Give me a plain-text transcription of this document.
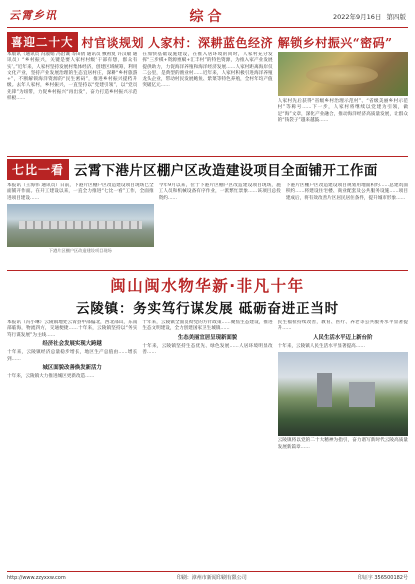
云霄乡讯	综合	2022年9月16日 第四版
喜迎二十大 村官谈规划 人家村：深耕蓝色经济 解锁乡村振兴“密码”
本版讯（通讯员 冯淑娟 冯沿诚 等田倩 通讯员 敷祖复 许汉敏 通讯员）“乡村振兴，关键是要人家村村级‘干部有想，群众有实’。”近年来，人家村坚持发展村集体经济，创建区域统筹，利用文化产业，坚持产业发展治理的生态宜居村庄，深耕“乡村旅游+”，不断解锁海洋资源的“民生密码”，推进乡村振兴提档升级。去年人家村，乡村振兴，一直坚持以“党建引领”，以“党员先锋”为纽带，力促乡村振兴“再出发”，奋力打造乡村振兴示范样板……
在加快基础设施建设，在推入居环境的同时，人家村充分发挥“三步棋+资源禀赋+汇丰村”的特色资源，为推入家产业发展提供助力，力促海洋养殖和海洋经济发展……人家村距离海岸仅二公里，是典型的渔业村……近年来，人家村积极引进海洋养殖龙头企业，带动村民发展鲍鱼、紫菜等特色养殖，全村年均产值突破亿元……
人家村先后获得“省级乡村治理示范村”、“省级美丽乡村示范村”等称号……下一步，人家村将继续以党建为引领，做足“海”文章，深化产业融合，推动海洋经济高质量发展，让群众的“钱袋子”越来越鼓……
七比一看 云霄下港片区棚户区改造建设项目全面铺开工作面
本报讯（王海伟 通讯员）日前，下港片区棚户区改造建设项目现场已全面铺开作面。在开工建设以来，一直全力推进“七比一看”工作，全面推进项目建设……
下港片区棚户区改造建设项目现场
今年9月以来，位于下港片区棚户区改造建设项目现场，施工人员和机械设备有序作业，一派繁忙景象……该项目总投资约……
下港片区棚户区改造建设项目规划用地面积约……总建筑面积约……将建设住宅楼、商业配套及公共服务设施……项目建成后，将有效改善片区居民居住条件，提升城市形象……
闽山闽水物华新·非凡十年
云陵镇：务实笃行谋发展 砥砺奋进正当时
本报讯（冯小琳）云陵镇地处云霄县中部偏北，西北部山，东南部临海，物流四方，交通便捷……十年来，云陵镇坚持以“务实笃行谋发展”为主线……
经济社会发展实现大跨越
十年来，云陵镇经济总量稳步增长，地区生产总值由……增长到……
城区面貌改善焕发新活力
十年来，云陵镇大力推进城区更新改造……
十年来，云陵镇全面贯彻党的方针政策……聚焦生态建设，推进生态文明建设，全力创建国家卫生城镇……
生态美丽宜居呈现新面貌
十年来，云陵镇坚持生态优先、绿色发展……人居环境明显改善……
民生福祉持续改善，教育、医疗、养老等公共服务水平显著提升……
人民生活水平迈上新台阶
十年来，云陵镇人民生活水平显著提高……
云陵镇将以党的二十大精神为指引，奋力谱写新时代云陵高质量发展新篇章……
http://www.zzyxxw.com	印刷：漳州市新闻印刷有限公司	印证字 356500182号
